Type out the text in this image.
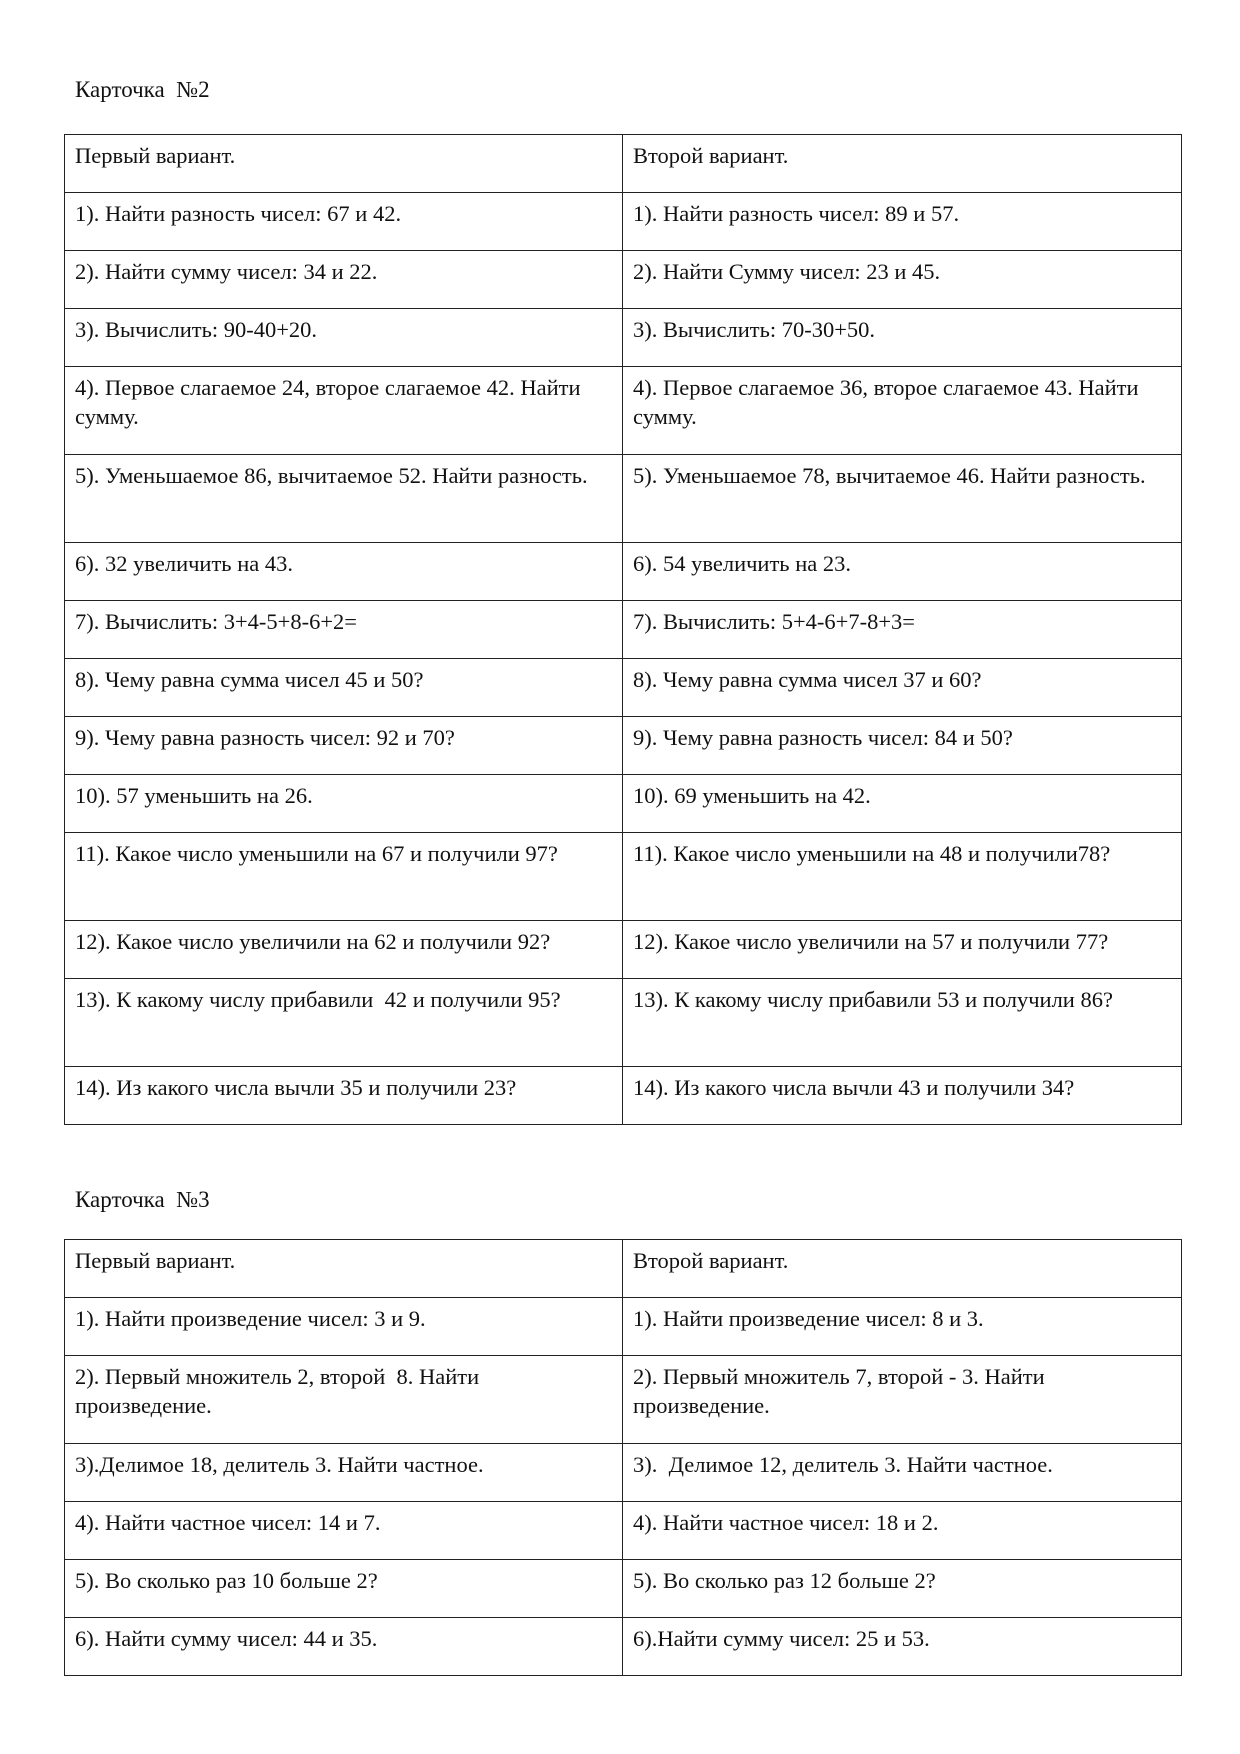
Карточка  №2
Первый вариант.	Второй вариант.
1). Найти разность чисел: 67 и 42.	1). Найти разность чисел: 89 и 57.
2). Найти сумму чисел: 34 и 22.	2). Найти Сумму чисел: 23 и 45.
3). Вычислить: 90-40+20.	3). Вычислить: 70-30+50.
4). Первое слагаемое 24, второе слагаемое 42. Найти сумму.	4). Первое слагаемое 36, второе слагаемое 43. Найти сумму.
5). Уменьшаемое 86, вычитаемое 52. Найти разность.	5). Уменьшаемое 78, вычитаемое 46. Найти разность.
6). 32 увеличить на 43.	6). 54 увеличить на 23.
7). Вычислить: 3+4-5+8-6+2=	7). Вычислить: 5+4-6+7-8+3=
8). Чему равна сумма чисел 45 и 50?	8). Чему равна сумма чисел 37 и 60?
9). Чему равна разность чисел: 92 и 70?	9). Чему равна разность чисел: 84 и 50?
10). 57 уменьшить на 26.	10). 69 уменьшить на 42.
11). Какое число уменьшили на 67 и получили 97?	11). Какое число уменьшили на 48 и получили78?
12). Какое число увеличили на 62 и получили 92?	12). Какое число увеличили на 57 и получили 77?
13). К какому числу прибавили  42 и получили 95?	13). К какому числу прибавили 53 и получили 86?
14). Из какого числа вычли 35 и получили 23?	14). Из какого числа вычли 43 и получили 34?
Карточка  №3
Первый вариант.	Второй вариант.
1). Найти произведение чисел: 3 и 9.	1). Найти произведение чисел: 8 и 3.
2). Первый множитель 2, второй  8. Найти произведение.	2). Первый множитель 7, второй - 3. Найти произведение.
3).Делимое 18, делитель 3. Найти частное.	3).  Делимое 12, делитель 3. Найти частное.
4). Найти частное чисел: 14 и 7.	4). Найти частное чисел: 18 и 2.
5). Во сколько раз 10 больше 2?	5). Во сколько раз 12 больше 2?
6). Найти сумму чисел: 44 и 35.	6).Найти сумму чисел: 25 и 53.
